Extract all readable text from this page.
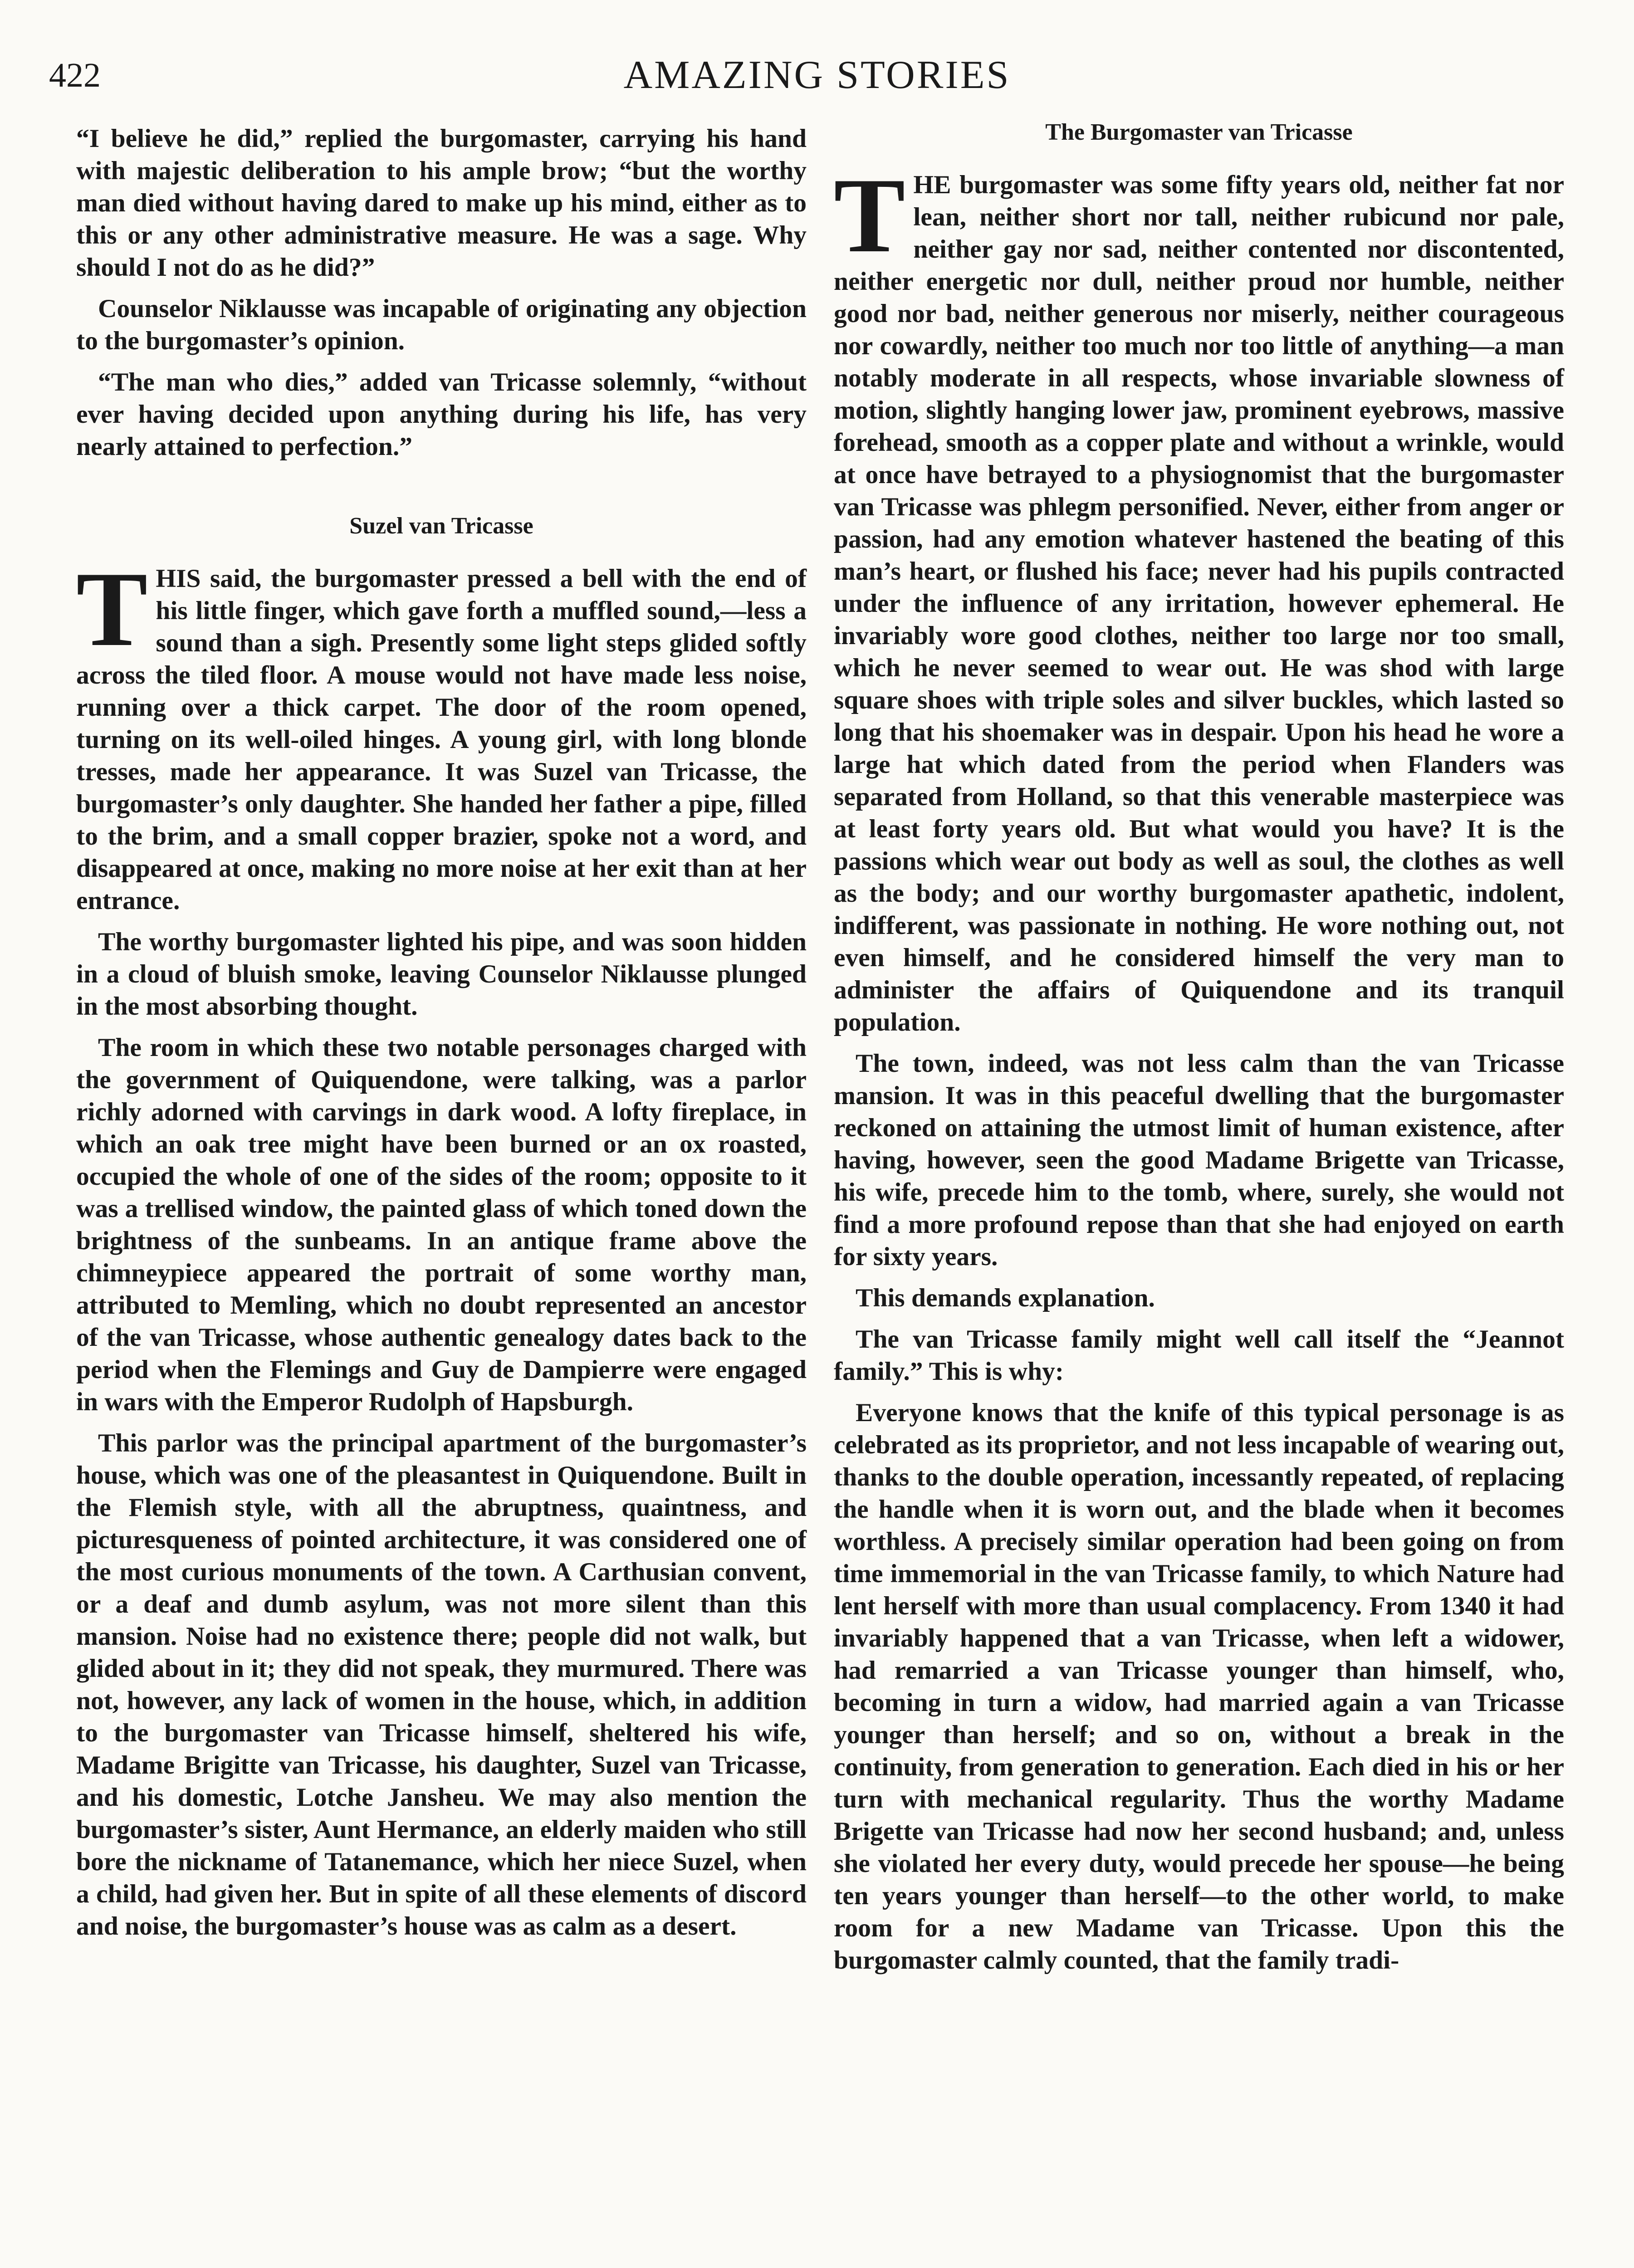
422	AMAZING STORIES

“I believe he did,” replied the burgomaster, carrying his hand with majestic deliberation to his ample brow; “but the worthy man died without having dared to make up his mind, either as to this or any other administrative measure. He was a sage. Why should I not do as he did?”

Counselor Niklausse was incapable of originating any objection to the burgomaster’s opinion.

“The man who dies,” added van Tricasse solemnly, “without ever having decided upon anything during his life, has very nearly attained to perfection.”

Suzel van Tricasse

THIS said, the burgomaster pressed a bell with the end of his little finger, which gave forth a muffled sound,—less a sound than a sigh. Presently some light steps glided softly across the tiled floor. A mouse would not have made less noise, running over a thick carpet. The door of the room opened, turning on its well-oiled hinges. A young girl, with long blonde tresses, made her appearance. It was Suzel van Tricasse, the burgomaster’s only daughter. She handed her father a pipe, filled to the brim, and a small copper brazier, spoke not a word, and disappeared at once, making no more noise at her exit than at her entrance.

The worthy burgomaster lighted his pipe, and was soon hidden in a cloud of bluish smoke, leaving Counselor Niklausse plunged in the most absorbing thought.

The room in which these two notable personages charged with the government of Quiquendone, were talking, was a parlor richly adorned with carvings in dark wood. A lofty fireplace, in which an oak tree might have been burned or an ox roasted, occupied the whole of one of the sides of the room; opposite to it was a trellised window, the painted glass of which toned down the brightness of the sunbeams. In an antique frame above the chimneypiece appeared the portrait of some worthy man, attributed to Memling, which no doubt represented an ancestor of the van Tricasse, whose authentic genealogy dates back to the period when the Flemings and Guy de Dampierre were engaged in wars with the Emperor Rudolph of Hapsburgh.

This parlor was the principal apartment of the burgomaster’s house, which was one of the pleasantest in Quiquendone. Built in the Flemish style, with all the abruptness, quaintness, and picturesqueness of pointed architecture, it was considered one of the most curious monuments of the town. A Carthusian convent, or a deaf and dumb asylum, was not more silent than this mansion. Noise had no existence there; people did not walk, but glided about in it; they did not speak, they murmured. There was not, however, any lack of women in the house, which, in addition to the burgomaster van Tricasse himself, sheltered his wife, Madame Brigitte van Tricasse, his daughter, Suzel van Tricasse, and his domestic, Lotche Jansheu. We may also mention the burgomaster’s sister, Aunt Hermance, an elderly maiden who still bore the nickname of Tatanemance, which her niece Suzel, when a child, had given her. But in spite of all these elements of discord and noise, the burgomaster’s house was as calm as a desert.

The Burgomaster van Tricasse

THE burgomaster was some fifty years old, neither fat nor lean, neither short nor tall, neither rubicund nor pale, neither gay nor sad, neither contented nor discontented, neither energetic nor dull, neither proud nor humble, neither good nor bad, neither generous nor miserly, neither courageous nor cowardly, neither too much nor too little of anything—a man notably moderate in all respects, whose invariable slowness of motion, slightly hanging lower jaw, prominent eyebrows, massive forehead, smooth as a copper plate and without a wrinkle, would at once have betrayed to a physiognomist that the burgomaster van Tricasse was phlegm personified. Never, either from anger or passion, had any emotion whatever hastened the beating of this man’s heart, or flushed his face; never had his pupils contracted under the influence of any irritation, however ephemeral. He invariably wore good clothes, neither too large nor too small, which he never seemed to wear out. He was shod with large square shoes with triple soles and silver buckles, which lasted so long that his shoemaker was in despair. Upon his head he wore a large hat which dated from the period when Flanders was separated from Holland, so that this venerable masterpiece was at least forty years old. But what would you have? It is the passions which wear out body as well as soul, the clothes as well as the body; and our worthy burgomaster apathetic, indolent, indifferent, was passionate in nothing. He wore nothing out, not even himself, and he considered himself the very man to administer the affairs of Quiquendone and its tranquil population.

The town, indeed, was not less calm than the van Tricasse mansion. It was in this peaceful dwelling that the burgomaster reckoned on attaining the utmost limit of human existence, after having, however, seen the good Madame Brigette van Tricasse, his wife, precede him to the tomb, where, surely, she would not find a more profound repose than that she had enjoyed on earth for sixty years.

This demands explanation.

The van Tricasse family might well call itself the “Jeannot family.” This is why:

Everyone knows that the knife of this typical personage is as celebrated as its proprietor, and not less incapable of wearing out, thanks to the double operation, incessantly repeated, of replacing the handle when it is worn out, and the blade when it becomes worthless. A precisely similar operation had been going on from time immemorial in the van Tricasse family, to which Nature had lent herself with more than usual complacency. From 1340 it had invariably happened that a van Tricasse, when left a widower, had remarried a van Tricasse younger than himself, who, becoming in turn a widow, had married again a van Tricasse younger than herself; and so on, without a break in the continuity, from generation to generation. Each died in his or her turn with mechanical regularity. Thus the worthy Madame Brigette van Tricasse had now her second husband; and, unless she violated her every duty, would precede her spouse—he being ten years younger than herself—to the other world, to make room for a new Madame van Tricasse. Upon this the burgomaster calmly counted, that the family tradi-
